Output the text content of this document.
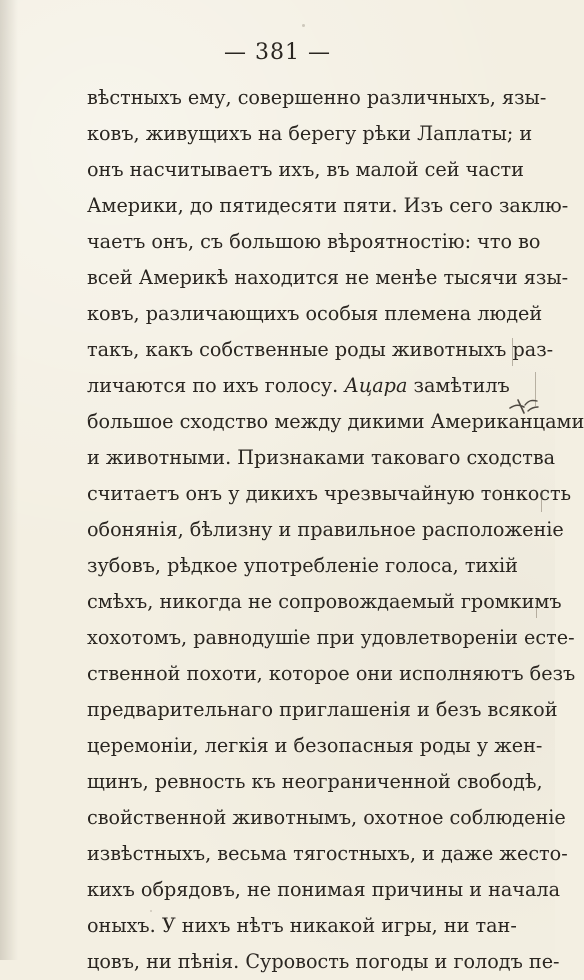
— 381 —
вѣстныхъ ему, совершенно различныхъ, язы-
ковъ, живущихъ на берегу рѣки Лаплаты; и
онъ насчитываетъ ихъ, въ малой сей части
Америки, до пятидесяти пяти. Изъ сего заклю-
чаетъ онъ, съ большою вѣроятностію: что во
всей Америкѣ находится не менѣе тысячи язы-
ковъ, различающихъ особыя племена людей
такъ, какъ собственные роды животныхъ раз-
личаются по ихъ голосу. Ацара замѣтилъ
большое сходство между дикими Американцами
и животными. Признаками таковаго сходства
считаетъ онъ у дикихъ чрезвычайную тонкость
обонянія, бѣлизну и правильное расположеніе
зубовъ, рѣдкое употребленіе голоса, тихій
смѣхъ, никогда не сопровождаемый громкимъ
хохотомъ, равнодушіе при удовлетвореніи есте-
ственной похоти, которое они исполняютъ безъ
предварительнаго приглашенія и безъ всякой
церемоніи, легкія и безопасныя роды у жен-
щинъ, ревность къ неограниченной свободѣ,
свойственной животнымъ, охотное соблюденіе
извѣстныхъ, весьма тягостныхъ, и даже жесто-
кихъ обрядовъ, не понимая причины и начала
оныхъ. У нихъ нѣтъ никакой игры, ни тан-
цовъ, ни пѣнія. Суровость погоды и голодъ пе-
